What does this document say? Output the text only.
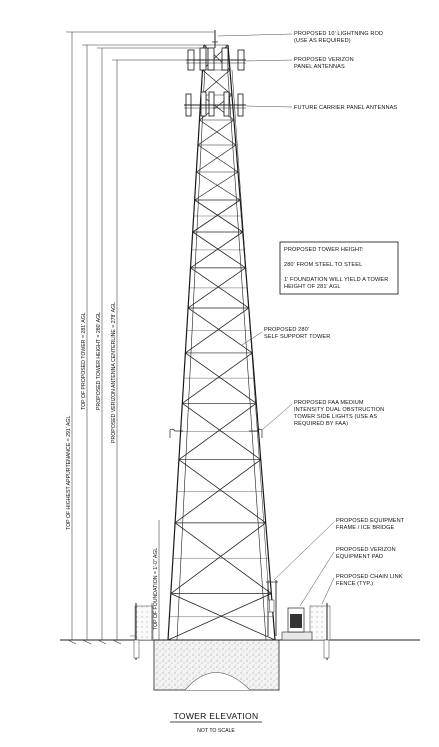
TOP OF HIGHEST APPURTENANCE = 291' AGL
TOP OF PROPOSED TOWER = 281' AGL PROPOSED TOWER HEIGHT = 280' AGL PROPOSED VERIZON ANTENNA CENTERLINE = 278' AGL
TOP OF FOUNDATION = 1'-0" AGL
PROPOSED 10' LIGHTNING ROD
(USE AS REQUIRED)
PROPOSED VERIZON
PANEL ANTENNAS
FUTURE CARRIER PANEL ANTENNAS
PROPOSED 280'
SELF SUPPORT TOWER
PROPOSED FAA MEDIUM
INTENSITY DUAL OBSTRUCTION
TOWER SIDE LIGHTS (USE AS
REQUIRED BY FAA)
PROPOSED EQUIPMENT
FRAME / ICE BRIDGE
PROPOSED VERIZON
EQUIPMENT PAD
PROPOSED CHAIN LINK
FENCE (TYP.)
PROPOSED TOWER HEIGHT:
280' FROM STEEL TO STEEL
1' FOUNDATION WILL YIELD A TOWER
HEIGHT OF 281' AGL
TOWER ELEVATION
NOT TO SCALE
